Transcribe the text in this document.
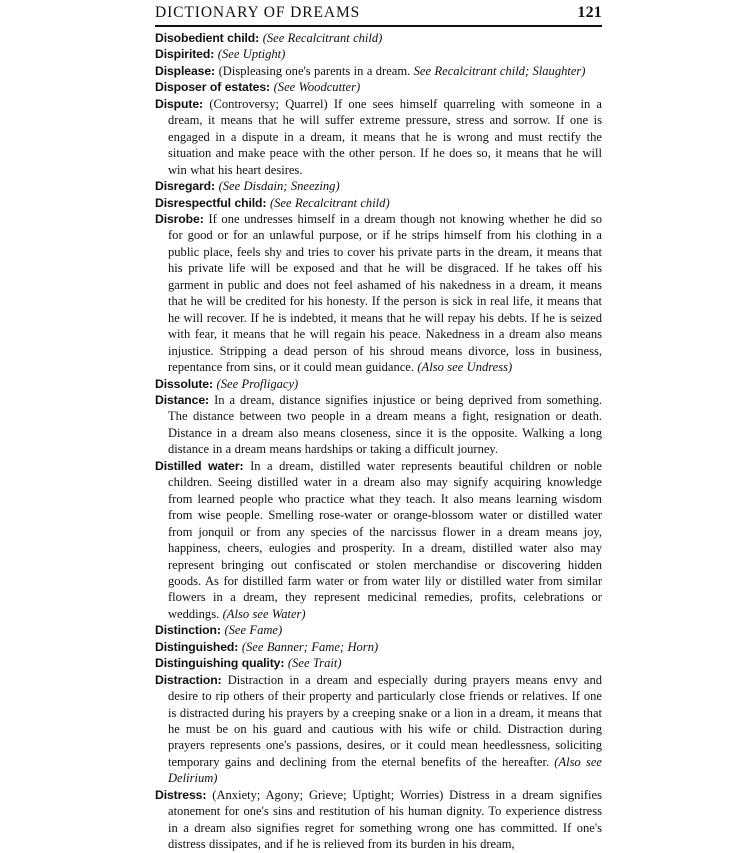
DICTIONARY OF DREAMS	121

Disobedient child: (See Recalcitrant child)

Dispirited: (See Uptight)

Displease: (Displeasing one's parents in a dream. See Recalcitrant child; Slaughter)

Disposer of estates: (See Woodcutter)

Dispute: (Controversy; Quarrel) If one sees himself quarreling with someone in a dream, it means that he will suffer extreme pressure, stress and sorrow. If one is engaged in a dispute in a dream, it means that he is wrong and must rectify the situation and make peace with the other person. If he does so, it means that he will win what his heart desires.

Disregard: (See Disdain; Sneezing)

Disrespectful child: (See Recalcitrant child)

Disrobe: If one undresses himself in a dream though not knowing whether he did so for good or for an unlawful purpose, or if he strips himself from his clothing in a public place, feels shy and tries to cover his private parts in the dream, it means that his private life will be exposed and that he will be disgraced. If he takes off his garment in public and does not feel ashamed of his nakedness in a dream, it means that he will be credited for his honesty. If the person is sick in real life, it means that he will recover. If he is indebted, it means that he will repay his debts. If he is seized with fear, it means that he will regain his peace. Nakedness in a dream also means injustice. Stripping a dead person of his shroud means divorce, loss in business, repentance from sins, or it could mean guidance. (Also see Undress)

Dissolute: (See Profligacy)

Distance: In a dream, distance signifies injustice or being deprived from something. The distance between two people in a dream means a fight, resignation or death. Distance in a dream also means closeness, since it is the opposite. Walking a long distance in a dream means hardships or taking a difficult journey.

Distilled water: In a dream, distilled water represents beautiful children or noble children. Seeing distilled water in a dream also may signify acquiring knowledge from learned people who practice what they teach. It also means learning wisdom from wise people. Smelling rose-water or orange-blossom water or distilled water from jonquil or from any species of the narcissus flower in a dream means joy, happiness, cheers, eulogies and prosperity. In a dream, distilled water also may represent bringing out confiscated or stolen merchandise or discovering hidden goods. As for distilled farm water or from water lily or distilled water from similar flowers in a dream, they represent medicinal remedies, profits, celebrations or weddings. (Also see Water)

Distinction: (See Fame)

Distinguished: (See Banner; Fame; Horn)

Distinguishing quality: (See Trait)

Distraction: Distraction in a dream and especially during prayers means envy and desire to rip others of their property and particularly close friends or relatives. If one is distracted during his prayers by a creeping snake or a lion in a dream, it means that he must be on his guard and cautious with his wife or child. Distraction during prayers represents one's passions, desires, or it could mean heedlessness, soliciting temporary gains and declining from the eternal benefits of the hereafter. (Also see Delirium)

Distress: (Anxiety; Agony; Grieve; Uptight; Worries) Distress in a dream signifies atonement for one's sins and restitution of his human dignity. To experience distress in a dream also signifies regret for something wrong one has committed. If one's distress dissipates, and if he is relieved from its burden in his dream,
